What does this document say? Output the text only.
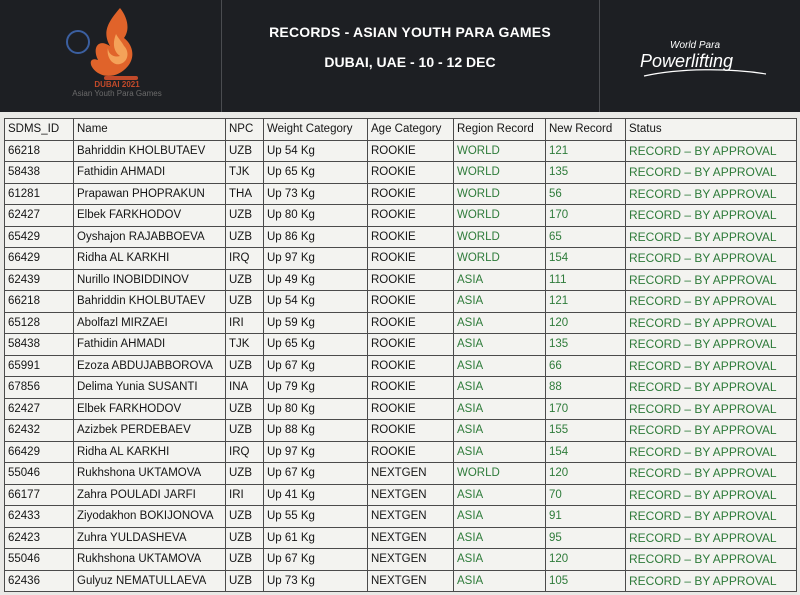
DUBAI 2021
Asian Youth Para Games
RECORDS - ASIAN YOUTH PARA GAMES
DUBAI, UAE - 10 - 12 DEC
World Para
Powerlifting
SDMS_ID	Name	NPC	Weight Category	Age Category	Region Record	New Record	Status
66218	Bahriddin KHOLBUTAEV	UZB	Up 54 Kg	ROOKIE	WORLD	121	RECORD – BY APPROVAL
58438	Fathidin AHMADI	TJK	Up 65 Kg	ROOKIE	WORLD	135	RECORD – BY APPROVAL
61281	Prapawan PHOPRAKUN	THA	Up 73 Kg	ROOKIE	WORLD	56	RECORD – BY APPROVAL
62427	Elbek FARKHODOV	UZB	Up 80 Kg	ROOKIE	WORLD	170	RECORD – BY APPROVAL
65429	Oyshajon RAJABBOEVA	UZB	Up 86 Kg	ROOKIE	WORLD	65	RECORD – BY APPROVAL
66429	Ridha AL KARKHI	IRQ	Up 97 Kg	ROOKIE	WORLD	154	RECORD – BY APPROVAL
62439	Nurillo INOBIDDINOV	UZB	Up 49 Kg	ROOKIE	ASIA	111	RECORD – BY APPROVAL
66218	Bahriddin KHOLBUTAEV	UZB	Up 54 Kg	ROOKIE	ASIA	121	RECORD – BY APPROVAL
65128	Abolfazl MIRZAEI	IRI	Up 59 Kg	ROOKIE	ASIA	120	RECORD – BY APPROVAL
58438	Fathidin AHMADI	TJK	Up 65 Kg	ROOKIE	ASIA	135	RECORD – BY APPROVAL
65991	Ezoza ABDUJABBOROVA	UZB	Up 67 Kg	ROOKIE	ASIA	66	RECORD – BY APPROVAL
67856	Delima Yunia SUSANTI	INA	Up 79 Kg	ROOKIE	ASIA	88	RECORD – BY APPROVAL
62427	Elbek FARKHODOV	UZB	Up 80 Kg	ROOKIE	ASIA	170	RECORD – BY APPROVAL
62432	Azizbek PERDEBAEV	UZB	Up 88 Kg	ROOKIE	ASIA	155	RECORD – BY APPROVAL
66429	Ridha AL KARKHI	IRQ	Up 97 Kg	ROOKIE	ASIA	154	RECORD – BY APPROVAL
55046	Rukhshona UKTAMOVA	UZB	Up 67 Kg	NEXTGEN	WORLD	120	RECORD – BY APPROVAL
66177	Zahra POULADI JARFI	IRI	Up 41 Kg	NEXTGEN	ASIA	70	RECORD – BY APPROVAL
62433	Ziyodakhon BOKIJONOVA	UZB	Up 55 Kg	NEXTGEN	ASIA	91	RECORD – BY APPROVAL
62423	Zuhra YULDASHEVA	UZB	Up 61 Kg	NEXTGEN	ASIA	95	RECORD – BY APPROVAL
55046	Rukhshona UKTAMOVA	UZB	Up 67 Kg	NEXTGEN	ASIA	120	RECORD – BY APPROVAL
62436	Gulyuz NEMATULLAEVA	UZB	Up 73 Kg	NEXTGEN	ASIA	105	RECORD – BY APPROVAL
